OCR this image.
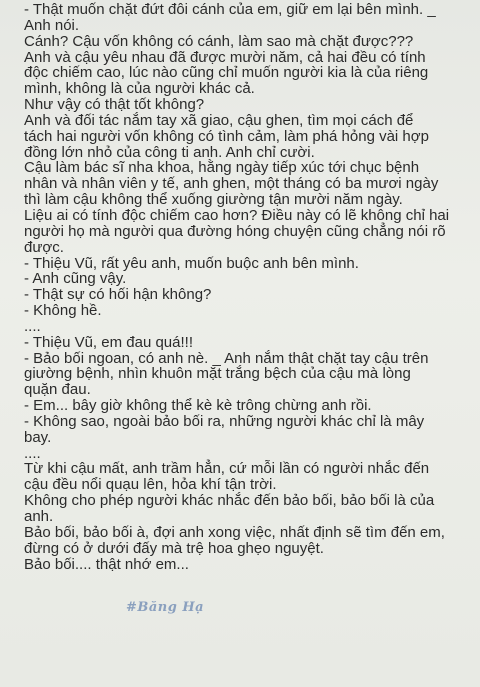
- Thật muốn chặt đứt đôi cánh của em, giữ em lại bên mình. _
Anh nói.
Cánh? Cậu vốn không có cánh, làm sao mà chặt được???
Anh và cậu yêu nhau đã được mười năm, cả hai đều có tính
độc chiếm cao, lúc nào cũng chỉ muốn người kia là của riêng
mình, không là của người khác cả.
Như vậy có thật tốt không?
Anh và đối tác nắm tay xã giao, cậu ghen, tìm mọi cách để
tách hai người vốn không có tình cảm, làm phá hỏng vài hợp
đồng lớn nhỏ của công ti anh. Anh chỉ cười.
Cậu làm bác sĩ nha khoa, hằng ngày tiếp xúc tới chục bệnh
nhân và nhân viên y tế, anh ghen, một tháng có ba mươi ngày
thì làm cậu không thể xuống giường tận mười năm ngày.
Liệu ai có tính độc chiếm cao hơn? Điều này có lẽ không chỉ hai
người họ mà người qua đường hóng chuyện cũng chẳng nói rõ
được.
- Thiệu Vũ, rất yêu anh, muốn buộc anh bên mình.
- Anh cũng vậy.
- Thật sự có hối hận không?
- Không hề.
....
- Thiệu Vũ, em đau quá!!!
- Bảo bối ngoan, có anh nè. _ Anh nắm thật chặt tay cậu trên
giường bệnh, nhìn khuôn mặt trắng bệch của cậu mà lòng
quặn đau.
- Em... bây giờ không thể kè kè trông chừng anh rồi.
- Không sao, ngoài bảo bối ra, những người khác chỉ là mây
bay.
....
Từ khi cậu mất, anh trầm hẳn, cứ mỗi lần có người nhắc đến
cậu đều nổi quạu lên, hỏa khí tận trời.
Không cho phép người khác nhắc đến bảo bối, bảo bối là của
anh.
Bảo bối, bảo bối à, đợi anh xong việc, nhất định sẽ tìm đến em,
đừng có ở dưới đấy mà trệ hoa ghẹo nguyệt.
Bảo bối.... thật nhớ em...
#Băng Hạ
